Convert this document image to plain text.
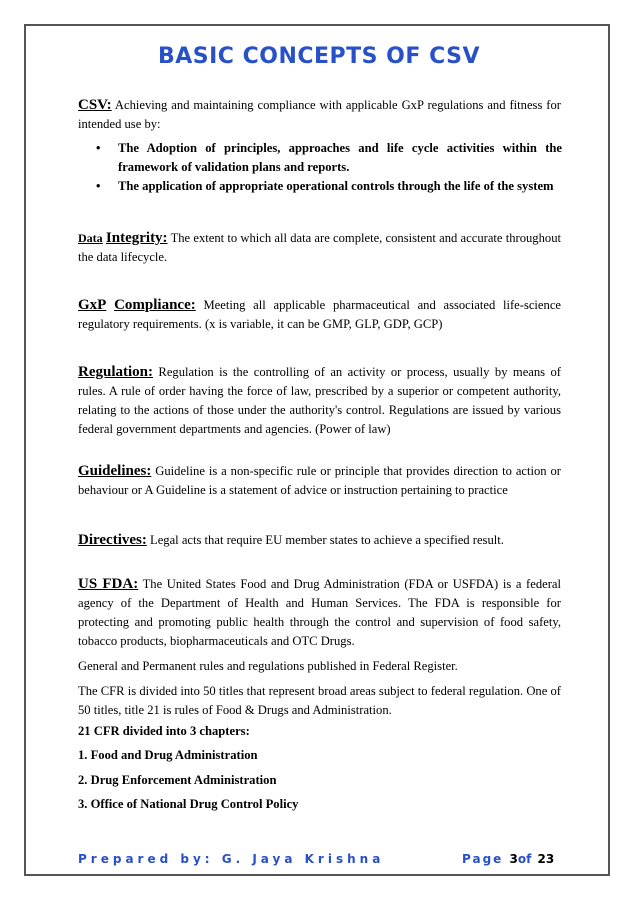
BASIC CONCEPTS OF CSV
CSV: Achieving and maintaining compliance with applicable GxP regulations and fitness for intended use by:
• The Adoption of principles, approaches and life cycle activities within the framework of validation plans and reports.
• The application of appropriate operational controls through the life of the system
Data Integrity: The extent to which all data are complete, consistent and accurate throughout the data lifecycle.
GxP Compliance: Meeting all applicable pharmaceutical and associated life-science regulatory requirements. (x is variable, it can be GMP, GLP, GDP, GCP)
Regulation: Regulation is the controlling of an activity or process, usually by means of rules. A rule of order having the force of law, prescribed by a superior or competent authority, relating to the actions of those under the authority's control. Regulations are issued by various federal government departments and agencies. (Power of law)
Guidelines: Guideline is a non-specific rule or principle that provides direction to action or behaviour or A Guideline is a statement of advice or instruction pertaining to practice
Directives: Legal acts that require EU member states to achieve a specified result.
US FDA: The United States Food and Drug Administration (FDA or USFDA) is a federal agency of the Department of Health and Human Services. The FDA is responsible for protecting and promoting public health through the control and supervision of food safety, tobacco products, biopharmaceuticals and OTC Drugs.
General and Permanent rules and regulations published in Federal Register.
The CFR is divided into 50 titles that represent broad areas subject to federal regulation. One of 50 titles, title 21 is rules of Food & Drugs and Administration.
21 CFR divided into 3 chapters:
1. Food and Drug Administration
2. Drug Enforcement Administration
3. Office of National Drug Control Policy
Prepared by: G. Jaya Krishna	Page 3of 23
